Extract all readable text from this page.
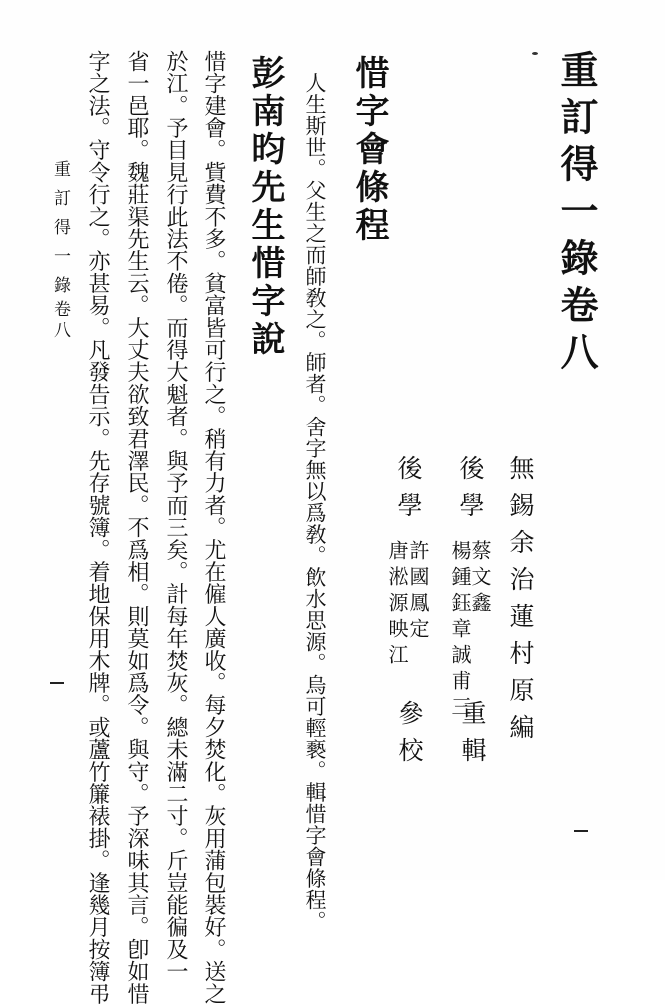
重訂得一錄卷八
無錫余治蓮村原編
後學
蔡文鑫
楊鍾鈺章誠甫三
重輯
後學
許國鳳定
唐淞源映江
參校
惜字會條程
人生斯世。父生之而師敎之。師者。舍字無以爲敎。飲水思源。烏可輕褻。輯惜字會條程。
彭南昀先生惜字說
惜字建會。貲費不多。貧富皆可行之。稍有力者。尤在僱人廣收。每夕焚化。灰用蒲包裝好。送之
於江。予目見行此法不倦。而得大魁者。與予而三矣。計每年焚灰。總未滿二寸。斤豈能徧及一
省一邑耶。魏莊渠先生云。大丈夫欲致君澤民。不爲相。則莫如爲令。與守。予深味其言。卽如惜
字之法。守令行之。亦甚易。凡發告示。先存號簿。着地保用木牌。或蘆竹簾裱掛。逢幾月按簿弔
重訂得一錄
卷八
